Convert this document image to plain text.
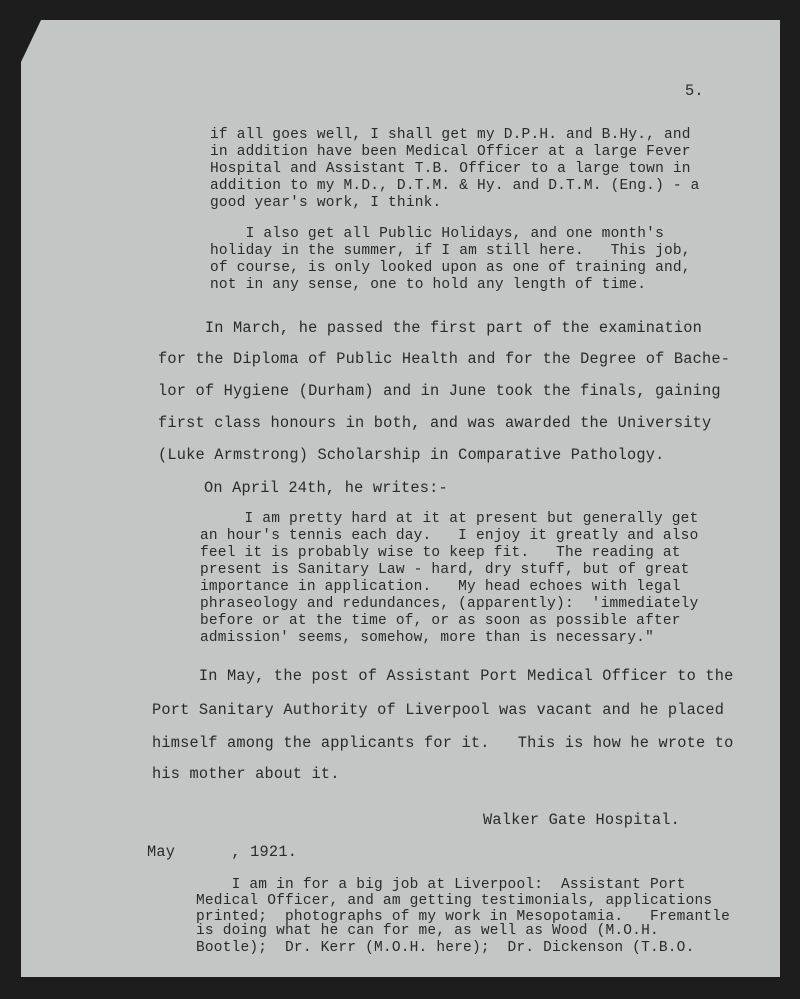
5.

if all goes well, I shall get my D.P.H. and B.Hy., and

in addition have been Medical Officer at a large Fever

Hospital and Assistant T.B. Officer to a large town in

addition to my M.D., D.T.M. & Hy. and D.T.M. (Eng.) - a

good year's work, I think.

I also get all Public Holidays, and one month's

holiday in the summer, if I am still here.   This job,

of course, is only looked upon as one of training and,

not in any sense, one to hold any length of time.

In March, he passed the first part of the examination

for the Diploma of Public Health and for the Degree of Bache-

lor of Hygiene (Durham) and in June took the finals, gaining

first class honours in both, and was awarded the University

(Luke Armstrong) Scholarship in Comparative Pathology.

On April 24th, he writes:-

I am pretty hard at it at present but generally get

an hour's tennis each day.   I enjoy it greatly and also

feel it is probably wise to keep fit.   The reading at

present is Sanitary Law - hard, dry stuff, but of great

importance in application.   My head echoes with legal

phraseology and redundances, (apparently):  'immediately

before or at the time of, or as soon as possible after

admission' seems, somehow, more than is necessary."

In May, the post of Assistant Port Medical Officer to the

Port Sanitary Authority of Liverpool was vacant and he placed

himself among the applicants for it.   This is how he wrote to

his mother about it.

Walker Gate Hospital.

May      , 1921.

I am in for a big job at Liverpool:  Assistant Port

Medical Officer, and am getting testimonials, applications

printed;  photographs of my work in Mesopotamia.   Fremantle

is doing what he can for me, as well as Wood (M.O.H.

Bootle);  Dr. Kerr (M.O.H. here);  Dr. Dickenson (T.B.O.
